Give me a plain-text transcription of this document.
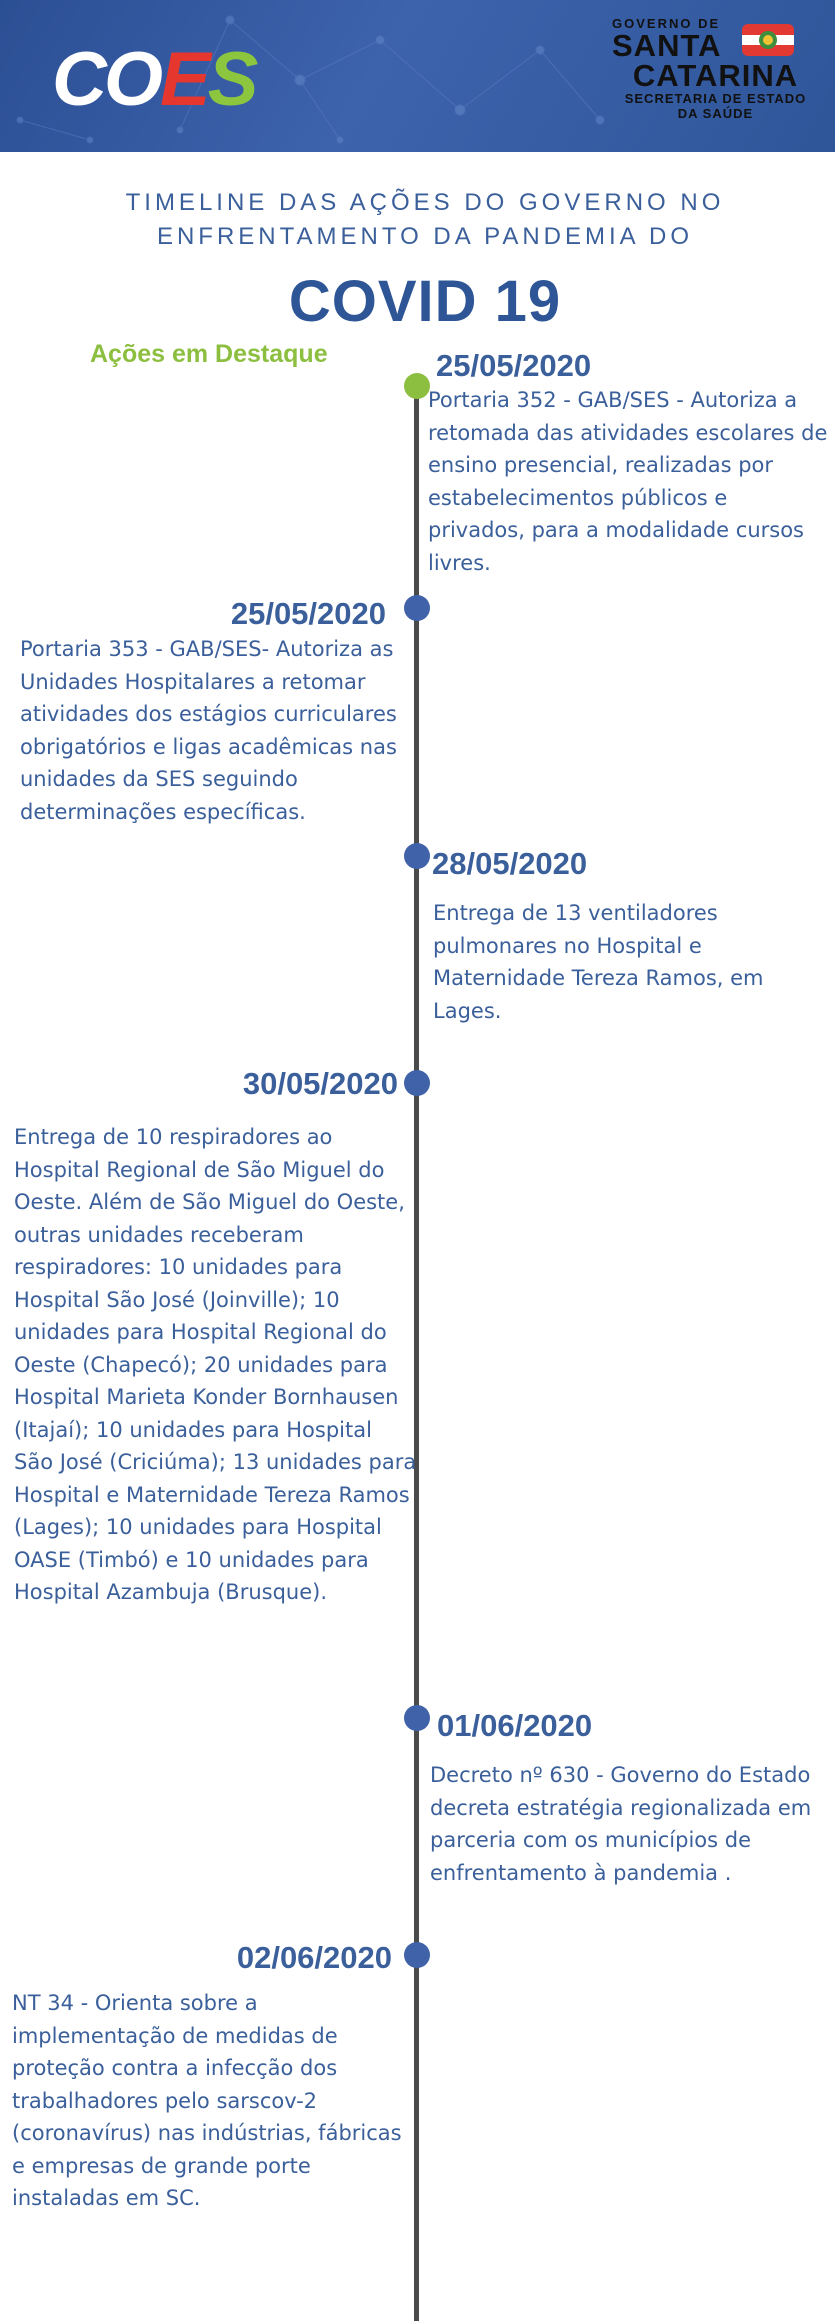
COES
GOVERNO DE
SANTA
CATARINA
SECRETARIA DE ESTADO
DA SAÚDE
TIMELINE DAS AÇÕES DO GOVERNO NO
ENFRENTAMENTO DA PANDEMIA DO
COVID 19
Ações em Destaque	25/05/2020
Portaria 352 - GAB/SES - Autoriza a retomada das atividades escolares de ensino presencial, realizadas por estabelecimentos públicos e privados, para a modalidade cursos livres.
25/05/2020
Portaria 353 - GAB/SES- Autoriza as Unidades Hospitalares a retomar atividades dos estágios curriculares obrigatórios e ligas acadêmicas nas unidades da SES seguindo determinações específicas.
28/05/2020
Entrega de 13 ventiladores pulmonares no Hospital e Maternidade Tereza Ramos, em Lages.
30/05/2020
Entrega de 10 respiradores ao Hospital Regional de São Miguel do Oeste. Além de São Miguel do Oeste, outras unidades receberam respiradores: 10 unidades para Hospital São José (Joinville); 10 unidades para Hospital Regional do Oeste (Chapecó); 20 unidades para Hospital Marieta Konder Bornhausen (Itajaí); 10 unidades para Hospital São José (Criciúma); 13 unidades para Hospital e Maternidade Tereza Ramos (Lages); 10 unidades para Hospital OASE (Timbó) e 10 unidades para Hospital Azambuja (Brusque).
01/06/2020
Decreto nº 630 - Governo do Estado decreta estratégia regionalizada em parceria com os municípios de enfrentamento à pandemia .
02/06/2020
NT 34 - Orienta sobre a implementação de medidas de proteção contra a infecção dos trabalhadores pelo sarscov-2 (coronavírus) nas indústrias, fábricas e empresas de grande porte instaladas em SC.
